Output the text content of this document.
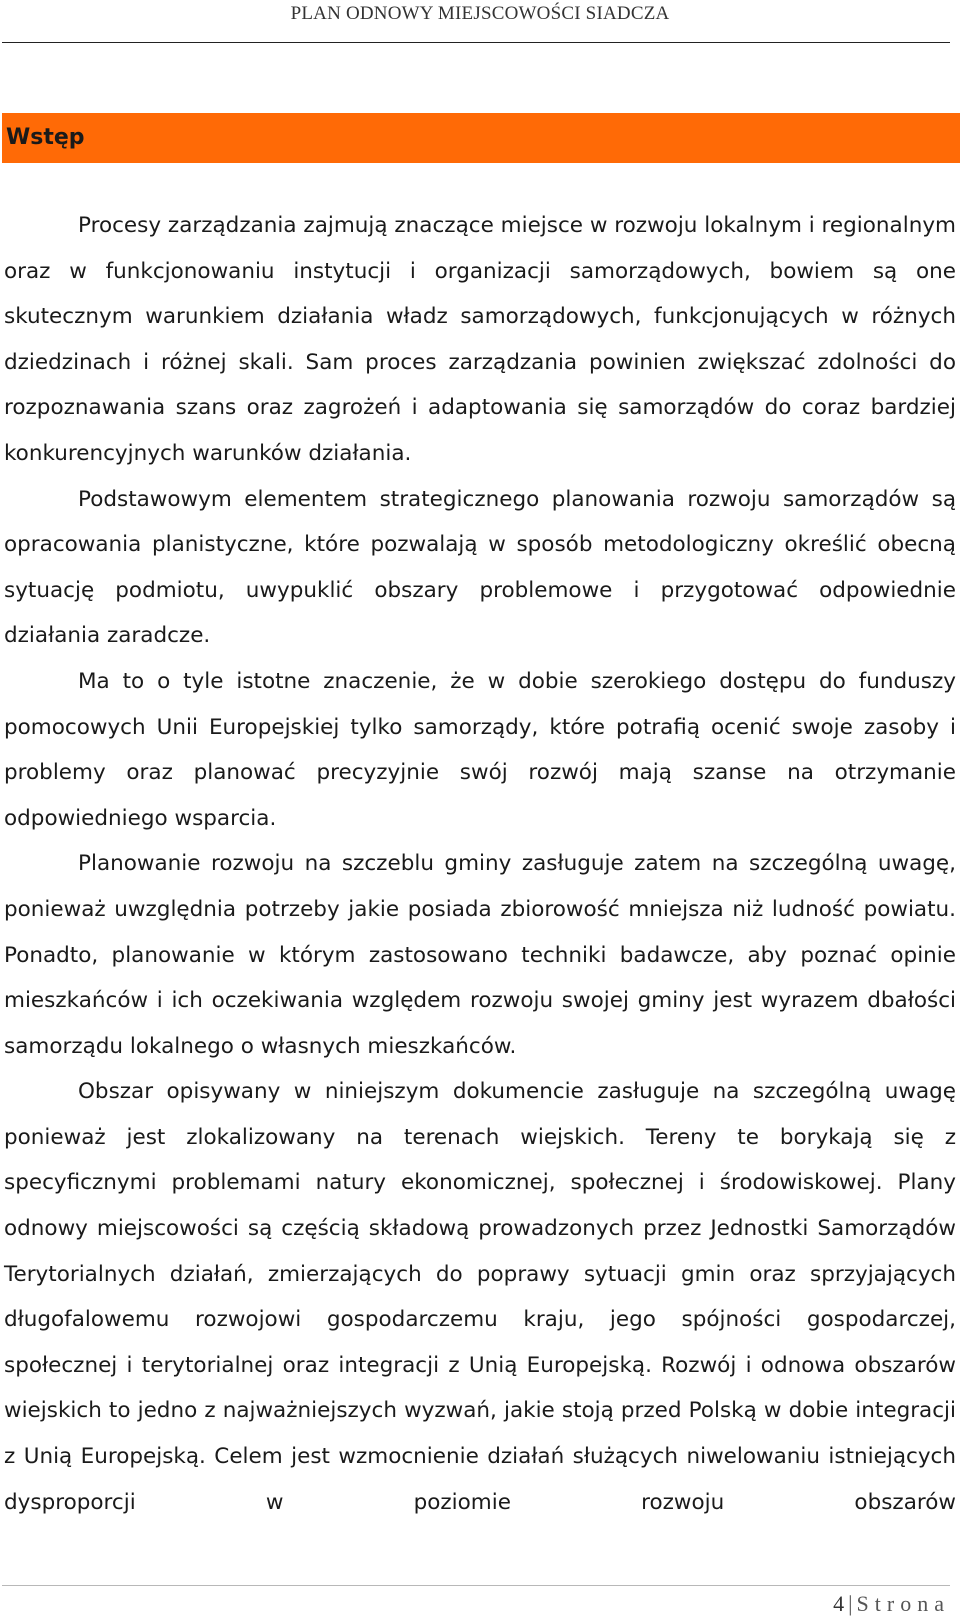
PLAN ODNOWY MIEJSCOWOŚCI SIADCZA
Wstęp

Procesy zarządzania zajmują znaczące miejsce w rozwoju lokalnym i regionalnym oraz w funkcjonowaniu instytucji i organizacji samorządowych, bowiem są one skutecznym warunkiem działania władz samorządowych, funkcjonujących w różnych dziedzinach i różnej skali. Sam proces zarządzania powinien zwiększać zdolności do rozpoznawania szans oraz zagrożeń i adaptowania się samorządów do coraz bardziej konkurencyjnych warunków działania.

Podstawowym elementem strategicznego planowania rozwoju samorządów są opracowania planistyczne, które pozwalają w sposób metodologiczny określić obecną sytuację podmiotu, uwypuklić obszary problemowe i przygotować odpowiednie działania zaradcze.

Ma to o tyle istotne znaczenie, że w dobie szerokiego dostępu do funduszy pomocowych Unii Europejskiej tylko samorządy, które potrafią ocenić swoje zasoby i problemy oraz planować precyzyjnie swój rozwój mają szanse na otrzymanie odpowiedniego wsparcia.

Planowanie rozwoju na szczeblu gminy zasługuje zatem na szczególną uwagę, ponieważ uwzględnia potrzeby jakie posiada zbiorowość mniejsza niż ludność powiatu. Ponadto, planowanie w którym zastosowano techniki badawcze, aby poznać opinie mieszkańców i ich oczekiwania względem rozwoju swojej gminy jest wyrazem dbałości samorządu lokalnego o własnych mieszkańców.

Obszar opisywany w niniejszym dokumencie zasługuje na szczególną uwagę ponieważ jest zlokalizowany na terenach wiejskich. Tereny te borykają się z specyficznymi problemami natury ekonomicznej, społecznej i środowiskowej. Plany odnowy miejscowości są częścią składową prowadzonych przez Jednostki Samorządów Terytorialnych działań, zmierzających do poprawy sytuacji gmin oraz sprzyjających długofalowemu rozwojowi gospodarczemu kraju, jego spójności gospodarczej, społecznej i terytorialnej oraz integracji z Unią Europejską. Rozwój i odnowa obszarów wiejskich to jedno z najważniejszych wyzwań, jakie stoją przed Polską w dobie integracji z Unią Europejską. Celem jest wzmocnienie działań służących niwelowaniu istniejących dysproporcji w poziomie rozwoju obszarów

4 | Strona
